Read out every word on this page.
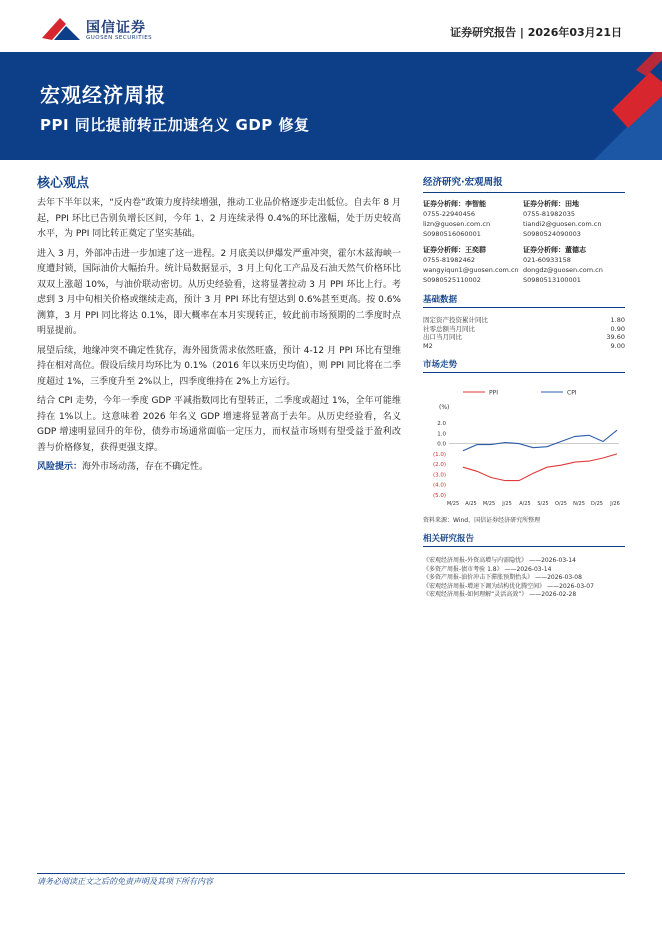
国信证券
GUOSEN SECURITIES	证券研究报告 | 2026年03月21日
宏观经济周报
PPI 同比提前转正加速名义 GDP 修复
核心观点

去年下半年以来，“反内卷”政策力度持续增强，推动工业品价格逐步走出低位。自去年 8 月起，PPI 环比已告别负增长区间，今年 1、2 月连续录得 0.4%的环比涨幅，处于历史较高水平，为 PPI 同比转正奠定了坚实基础。

进入 3 月，外部冲击进一步加速了这一进程。2 月底美以伊爆发严重冲突，霍尔木兹海峡一度遭封锁，国际油价大幅抬升。统计局数据显示，3 月上旬化工产品及石油天然气价格环比双双上涨超 10%，与油价联动密切。从历史经验看，这将显著拉动 3 月 PPI 环比上行。考虑到 3 月中旬相关价格或继续走高，预计 3 月 PPI 环比有望达到 0.6%甚至更高。按 0.6%测算，3 月 PPI 同比将达 0.1%，即大概率在本月实现转正，较此前市场预期的二季度时点明显提前。

展望后续，地缘冲突不确定性犹存，海外囤货需求依然旺盛，预计 4-12 月 PPI 环比有望维持在相对高位。假设后续月均环比为 0.1%（2016 年以来历史均值），则 PPI 同比将在二季度超过 1%，三季度升至 2%以上，四季度维持在 2%上方运行。

结合 CPI 走势，今年一季度 GDP 平减指数同比有望转正，二季度或超过 1%，全年可能维持在 1%以上。这意味着 2026 年名义 GDP 增速将显著高于去年。从历史经验看，名义 GDP 增速明显回升的年份，债券市场通常面临一定压力，而权益市场则有望受益于盈利改善与价格修复，获得更强支撑。

风险提示：海外市场动荡，存在不确定性。

经济研究·宏观周报
证券分析师：李智能
0755-22940456
lizn@guosen.com.cn
S0980516060001
证券分析师：田地
0755-81982035
tiandi2@guosen.com.cn
S0980524090003
证券分析师：王奕群
0755-81982462
wangyiqun1@guosen.com.cn
S0980525110002
证券分析师：董德志
021-60933158
dongdz@guosen.com.cn
S0980513100001
基础数据
固定资产投资累计同比	1.80
社零总额当月同比	0.90
出口当月同比	39.60
M2	9.00
市场走势
PPI	CPI
(%)
2.0
1.0
0.0
(1.0)
(2.0)
(3.0)
(4.0)
(5.0)
M/25 A/25 M/25 J/25 A/25 S/25 O/25 N/25 D/25 J/26
资料来源：Wind、国信证券经济研究所整理
相关研究报告
《宏观经济周报-外资高增与内需隐忧》 ——2026-03-14
《多资产周报-债市考验 1.8》 ——2026-03-14
《多资产周报-油价冲击下滞胀预期抬头》 ——2026-03-08
《宏观经济周报-增速下调为结构优化腾空间》 ——2026-03-07
《宏观经济周报-如何理解“灵活高效”》 ——2026-02-28
请务必阅读正文之后的免责声明及其项下所有内容
